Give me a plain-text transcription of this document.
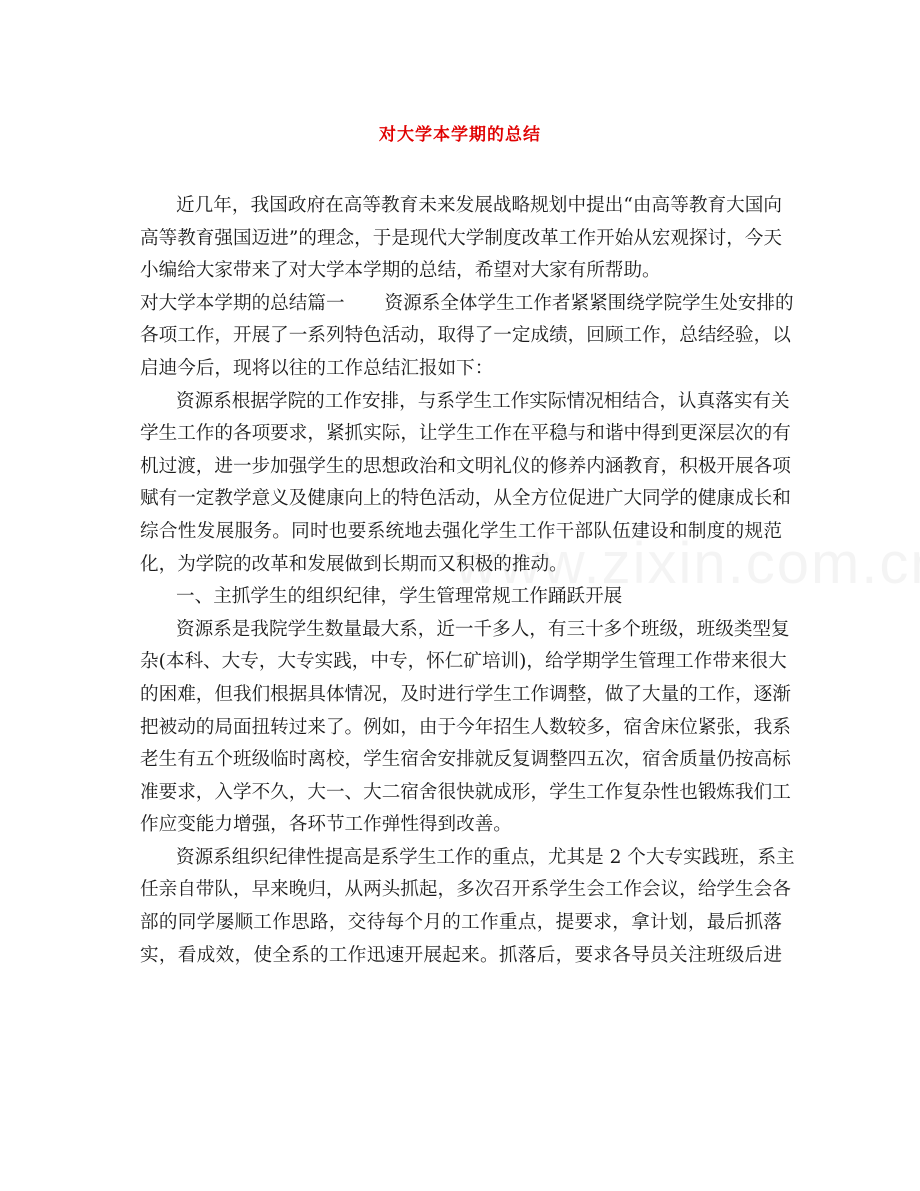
对大学本学期的总结
近几年，我国政府在高等教育未来发展战略规划中提出“由高等教育大国向
高等教育强国迈进”的理念，于是现代大学制度改革工作开始从宏观探讨，今天
小编给大家带来了对大学本学期的总结，希望对大家有所帮助。
对大学本学期的总结篇一 资源系全体学生工作者紧紧围绕学院学生处安排的
各项工作，开展了一系列特色活动，取得了一定成绩，回顾工作，总结经验，以
启迪今后，现将以往的工作总结汇报如下：
资源系根据学院的工作安排，与系学生工作实际情况相结合，认真落实有关
学生工作的各项要求，紧抓实际，让学生工作在平稳与和谐中得到更深层次的有
机过渡，进一步加强学生的思想政治和文明礼仪的修养内涵教育，积极开展各项
赋有一定教学意义及健康向上的特色活动，从全方位促进广大同学的健康成长和
综合性发展服务。同时也要系统地去强化学生工作干部队伍建设和制度的规范
化，为学院的改革和发展做到长期而又积极的推动。
一、主抓学生的组织纪律，学生管理常规工作踊跃开展
资源系是我院学生数量最大系，近一千多人，有三十多个班级，班级类型复
杂(本科、大专，大专实践，中专，怀仁矿培训)，给学期学生管理工作带来很大
的困难，但我们根据具体情况，及时进行学生工作调整，做了大量的工作，逐渐
把被动的局面扭转过来了。例如，由于今年招生人数较多，宿舍床位紧张，我系
老生有五个班级临时离校，学生宿舍安排就反复调整四五次，宿舍质量仍按高标
准要求，入学不久，大一、大二宿舍很快就成形，学生工作复杂性也锻炼我们工
作应变能力增强，各环节工作弹性得到改善。
资源系组织纪律性提高是系学生工作的重点，尤其是 2 个大专实践班，系主
任亲自带队，早来晚归，从两头抓起，多次召开系学生会工作会议，给学生会各
部的同学屡顺工作思路，交待每个月的工作重点，提要求，拿计划，最后抓落
实，看成效，使全系的工作迅速开展起来。抓落后，要求各导员关注班级后进
